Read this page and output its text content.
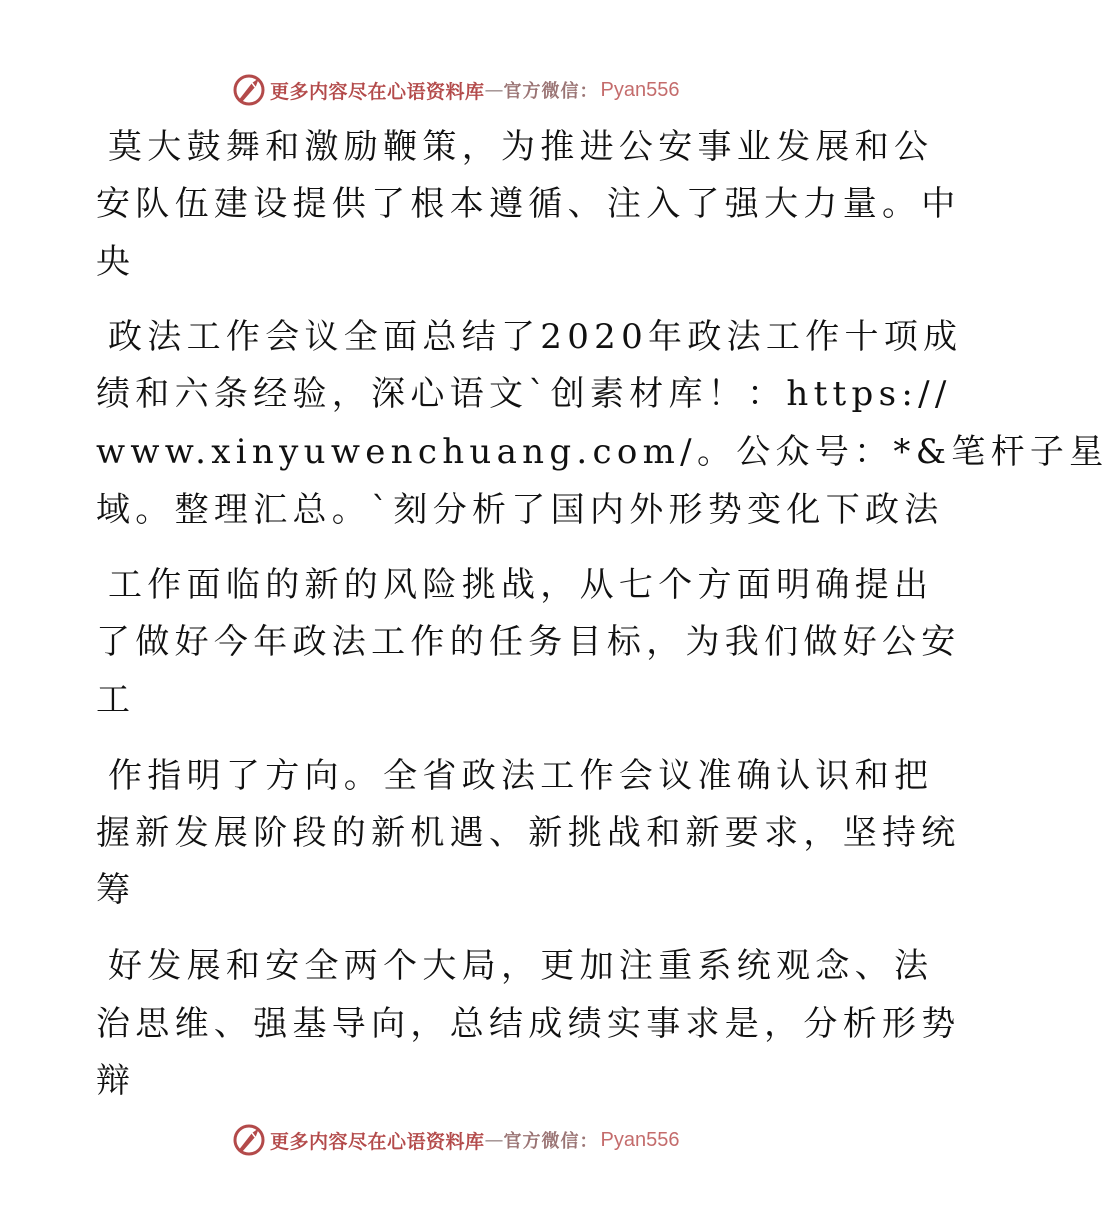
更多内容尽在心语资料库 — 官方微信： Pyan556
莫大鼓舞和激励鞭策，为推进公安事业发展和公
安队伍建设提供了根本遵循、注入了强大力量。中
央
政法工作会议全面总结了2020年政法工作十项成
绩和六条经验，深心语文`创素材库！：https://
www.xinyuwenchuang.com/。公众号：*&笔杆子星
域。整理汇总。`刻分析了国内外形势变化下政法
工作面临的新的风险挑战，从七个方面明确提出
了做好今年政法工作的任务目标，为我们做好公安
工
作指明了方向。全省政法工作会议准确认识和把
握新发展阶段的新机遇、新挑战和新要求，坚持统
筹
好发展和安全两个大局，更加注重系统观念、法
治思维、强基导向，总结成绩实事求是，分析形势
辩
更多内容尽在心语资料库 — 官方微信： Pyan556
